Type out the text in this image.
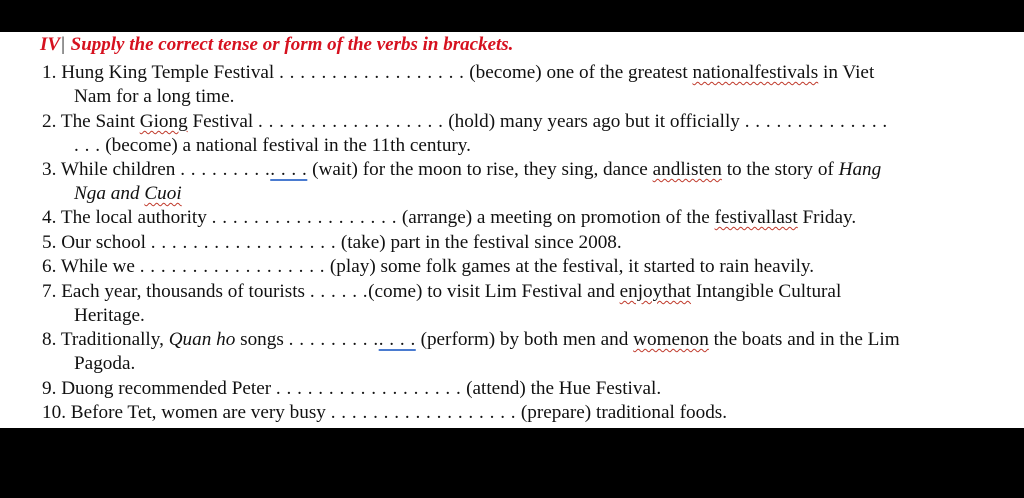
IV| Supply the correct tense or form of the verbs in brackets.
1. Hung King Temple Festival . . . . . . . . . . . . . . . . . . (become) one of the greatest nationalfestivals in Viet
Nam for a long time.
2. The Saint Giong Festival . . . . . . . . . . . . . . . . . . (hold) many years ago but it officially . . . . . . . . . . . . . .
. . . (become) a national festival in the 11th century.
3. While children . . . . . . . . .. . . . (wait) for the moon to rise, they sing, dance andlisten to the story of Hang
Nga and Cuoi
4. The local authority . . . . . . . . . . . . . . . . . . (arrange) a meeting on promotion of the festivallast Friday.
5. Our school . . . . . . . . . . . . . . . . . . (take) part in the festival since 2008.
6. While we . . . . . . . . . . . . . . . . . . (play) some folk games at the festival, it started to rain heavily.
7. Each year, thousands of tourists . . . . . .(come) to visit Lim Festival and enjoythat Intangible Cultural
Heritage.
8. Traditionally, Quan ho songs . . . . . . . . .. . . . (perform) by both men and womenon the boats and in the Lim
Pagoda.
9. Duong recommended Peter . . . . . . . . . . . . . . . . . . (attend) the Hue Festival.
10. Before Tet, women are very busy . . . . . . . . . . . . . . . . . . (prepare) traditional foods.
